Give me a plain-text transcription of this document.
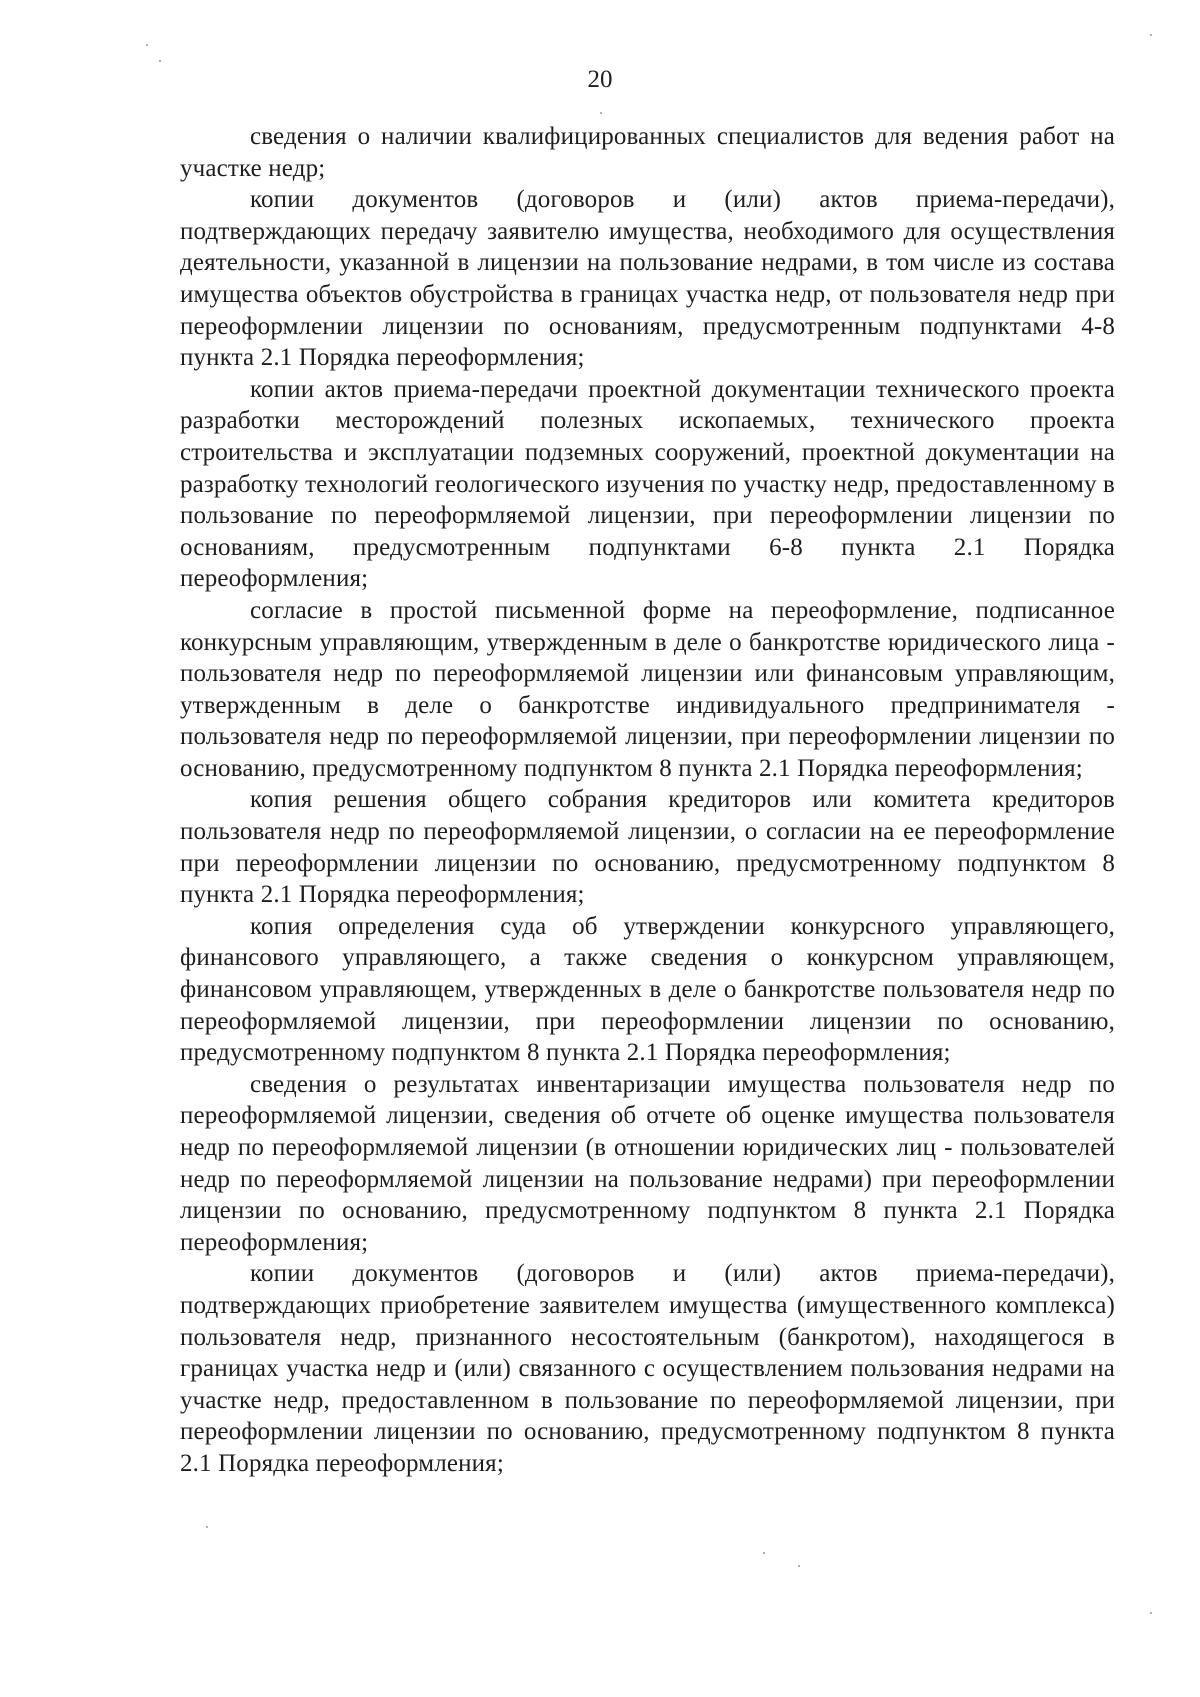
20

сведения о наличии квалифицированных специалистов для ведения работ на участке недр;

копии документов (договоров и (или) актов приема-передачи), подтверждающих передачу заявителю имущества, необходимого для осуществления деятельности, указанной в лицензии на пользование недрами, в том числе из состава имущества объектов обустройства в границах участка недр, от пользователя недр при переоформлении лицензии по основаниям, предусмотренным подпунктами 4-8 пункта 2.1 Порядка переоформления;

копии актов приема-передачи проектной документации технического проекта разработки месторождений полезных ископаемых, технического проекта строительства и эксплуатации подземных сооружений, проектной документации на разработку технологий геологического изучения по участку недр, предоставленному в пользование по переоформляемой лицензии, при переоформлении лицензии по основаниям, предусмотренным подпунктами 6-8 пункта 2.1 Порядка переоформления;

согласие в простой письменной форме на переоформление, подписанное конкурсным управляющим, утвержденным в деле о банкротстве юридического лица - пользователя недр по переоформляемой лицензии или финансовым управляющим, утвержденным в деле о банкротстве индивидуального предпринимателя - пользователя недр по переоформляемой лицензии, при переоформлении лицензии по основанию, предусмотренному подпунктом 8 пункта 2.1 Порядка переоформления;

копия решения общего собрания кредиторов или комитета кредиторов пользователя недр по переоформляемой лицензии, о согласии на ее переоформление при переоформлении лицензии по основанию, предусмотренному подпунктом 8 пункта 2.1 Порядка переоформления;

копия определения суда об утверждении конкурсного управляющего, финансового управляющего, а также сведения о конкурсном управляющем, финансовом управляющем, утвержденных в деле о банкротстве пользователя недр по переоформляемой лицензии, при переоформлении лицензии по основанию, предусмотренному подпунктом 8 пункта 2.1 Порядка переоформления;

сведения о результатах инвентаризации имущества пользователя недр по переоформляемой лицензии, сведения об отчете об оценке имущества пользователя недр по переоформляемой лицензии (в отношении юридических лиц - пользователей недр по переоформляемой лицензии на пользование недрами) при переоформлении лицензии по основанию, предусмотренному подпунктом 8 пункта 2.1 Порядка переоформления;

копии документов (договоров и (или) актов приема-передачи), подтверждающих приобретение заявителем имущества (имущественного комплекса) пользователя недр, признанного несостоятельным (банкротом), находящегося в границах участка недр и (или) связанного с осуществлением пользования недрами на участке недр, предоставленном в пользование по переоформляемой лицензии, при переоформлении лицензии по основанию, предусмотренному подпунктом 8 пункта 2.1 Порядка переоформления;
